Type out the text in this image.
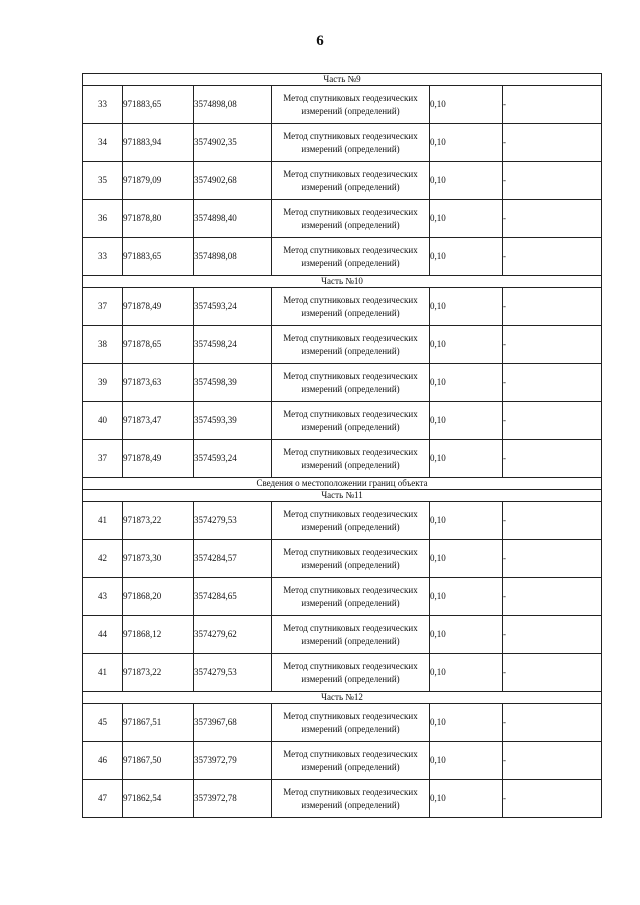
6
Часть №9					
33	971883,65	3574898,08	Метод спутниковых геодезических измерений (определений)	0,10	-
34	971883,94	3574902,35	Метод спутниковых геодезических измерений (определений)	0,10	-
35	971879,09	3574902,68	Метод спутниковых геодезических измерений (определений)	0,10	-
36	971878,80	3574898,40	Метод спутниковых геодезических измерений (определений)	0,10	-
33	971883,65	3574898,08	Метод спутниковых геодезических измерений (определений)	0,10	-
Часть №10					
37	971878,49	3574593,24	Метод спутниковых геодезических измерений (определений)	0,10	-
38	971878,65	3574598,24	Метод спутниковых геодезических измерений (определений)	0,10	-
39	971873,63	3574598,39	Метод спутниковых геодезических измерений (определений)	0,10	-
40	971873,47	3574593,39	Метод спутниковых геодезических измерений (определений)	0,10	-
37	971878,49	3574593,24	Метод спутниковых геодезических измерений (определений)	0,10	-
Сведения о местоположении границ объекта					
Часть №11					
41	971873,22	3574279,53	Метод спутниковых геодезических измерений (определений)	0,10	-
42	971873,30	3574284,57	Метод спутниковых геодезических измерений (определений)	0,10	-
43	971868,20	3574284,65	Метод спутниковых геодезических измерений (определений)	0,10	-
44	971868,12	3574279,62	Метод спутниковых геодезических измерений (определений)	0,10	-
41	971873,22	3574279,53	Метод спутниковых геодезических измерений (определений)	0,10	-
Часть №12					
45	971867,51	3573967,68	Метод спутниковых геодезических измерений (определений)	0,10	-
46	971867,50	3573972,79	Метод спутниковых геодезических измерений (определений)	0,10	-
47	971862,54	3573972,78	Метод спутниковых геодезических измерений (определений)	0,10	-
